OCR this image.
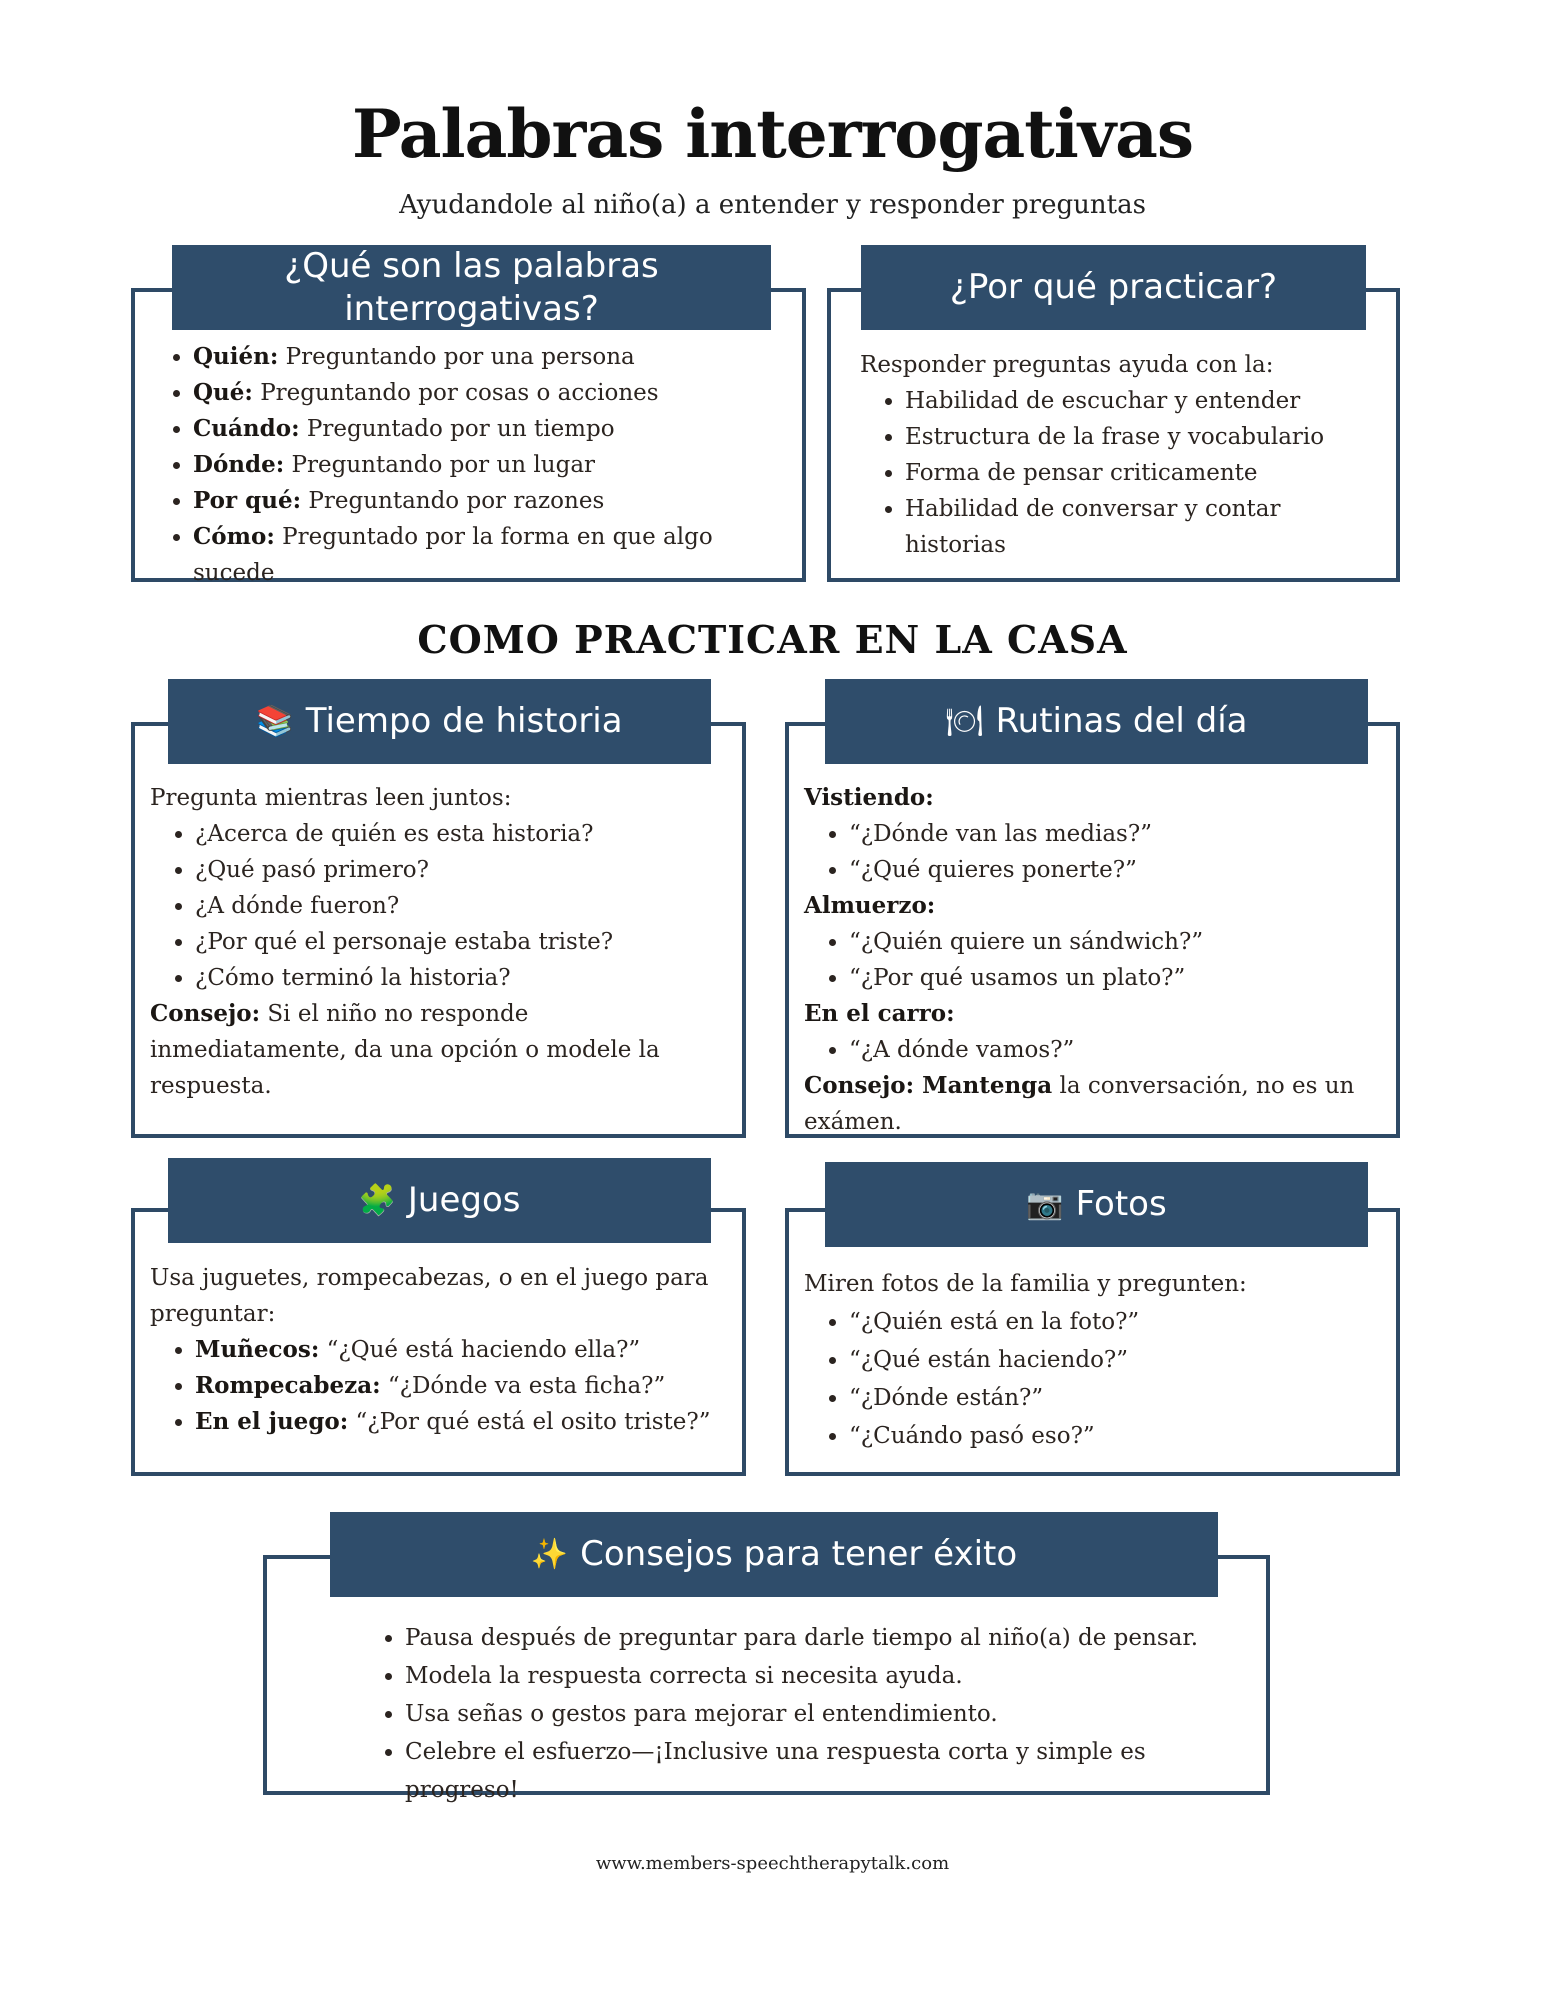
Palabras interrogativas
Ayudandole al niño(a) a entender y responder preguntas
¿Qué son las palabras interrogativas?
• Quién: Preguntando por una persona
• Qué: Preguntando por cosas o acciones
• Cuándo: Preguntado por un tiempo
• Dónde: Preguntando por un lugar
• Por qué: Preguntando por razones
• Cómo: Preguntado por la forma en que algo sucede
¿Por qué practicar?
Responder preguntas ayuda con la:
• Habilidad de escuchar y entender
• Estructura de la frase y vocabulario
• Forma de pensar criticamente
• Habilidad de conversar y contar historias
COMO PRACTICAR EN LA CASA
📚 Tiempo de historia
Pregunta mientras leen juntos:
• ¿Acerca de quién es esta historia?
• ¿Qué pasó primero?
• ¿A dónde fueron?
• ¿Por qué el personaje estaba triste?
• ¿Cómo terminó la historia?
Consejo: Si el niño no responde inmediatamente, da una opción o modele la respuesta.
🍽 Rutinas del día
Vistiendo:
• “¿Dónde van las medias?”
• “¿Qué quieres ponerte?”
Almuerzo:
• “¿Quién quiere un sándwich?”
• “¿Por qué usamos un plato?”
En el carro:
• “¿A dónde vamos?”
Consejo: Mantenga la conversación, no es un exámen.
🧩 Juegos
Usa juguetes, rompecabezas, o en el juego para preguntar:
• Muñecos: “¿Qué está haciendo ella?”
• Rompecabeza: “¿Dónde va esta ficha?”
• En el juego: “¿Por qué está el osito triste?”
📷 Fotos
Miren fotos de la familia y pregunten:
• “¿Quién está en la foto?”
• “¿Qué están haciendo?”
• “¿Dónde están?”
• “¿Cuándo pasó eso?”
✨ Consejos para tener éxito
• Pausa después de preguntar para darle tiempo al niño(a) de pensar.
• Modela la respuesta correcta si necesita ayuda.
• Usa señas o gestos para mejorar el entendimiento.
• Celebre el esfuerzo—¡Inclusive una respuesta corta y simple es progreso!
www.members-speechtherapytalk.com
